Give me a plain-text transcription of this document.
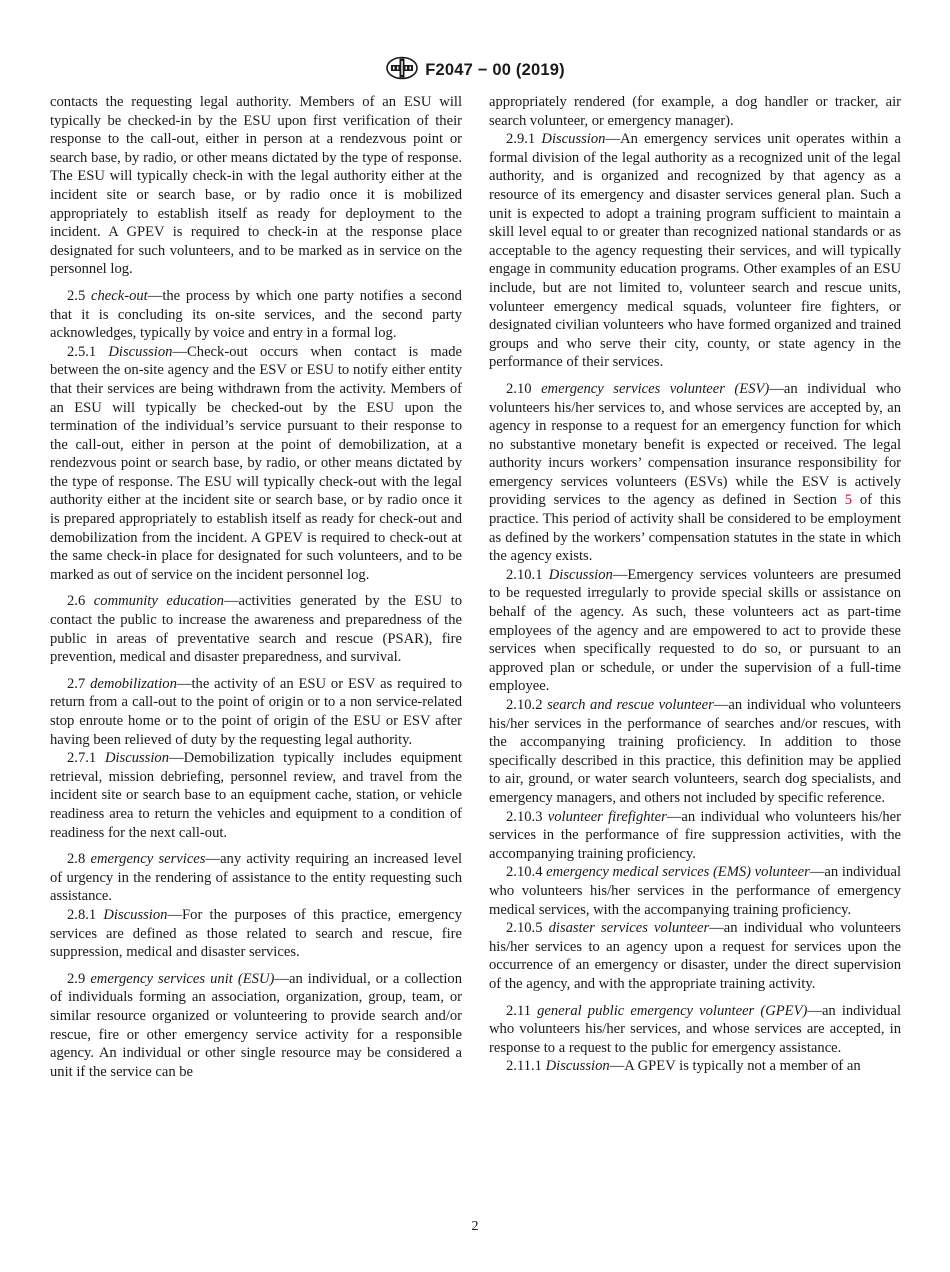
F2047 − 00 (2019)

contacts the requesting legal authority. Members of an ESU will typically be checked-in by the ESU upon first verification of their response to the call-out, either in person at a rendezvous point or search base, by radio, or other means dictated by the type of response. The ESU will typically check-in with the legal authority either at the incident site or search base, or by radio once it is mobilized appropriately to establish itself as ready for deployment to the incident. A GPEV is required to check-in at the response place designated for such volunteers, and to be marked as in service on the personnel log.

2.5 check-out—the process by which one party notifies a second that it is concluding its on-site services, and the second party acknowledges, typically by voice and entry in a formal log.

2.5.1 Discussion—Check-out occurs when contact is made between the on-site agency and the ESV or ESU to notify either entity that their services are being withdrawn from the activity. Members of an ESU will typically be checked-out by the ESU upon the termination of the individual’s service pursuant to their response to the call-out, either in person at the point of demobilization, at a rendezvous point or search base, by radio, or other means dictated by the type of response. The ESU will typically check-out with the legal authority either at the incident site or search base, or by radio once it is prepared appropriately to establish itself as ready for check-out and demobilization from the incident. A GPEV is required to check-out at the same check-in place for designated for such volunteers, and to be marked as out of service on the incident personnel log.

2.6 community education—activities generated by the ESU to contact the public to increase the awareness and preparedness of the public in areas of preventative search and rescue (PSAR), fire prevention, medical and disaster preparedness, and survival.

2.7 demobilization—the activity of an ESU or ESV as required to return from a call-out to the point of origin or to a non service-related stop enroute home or to the point of origin of the ESU or ESV after having been relieved of duty by the requesting legal authority.

2.7.1 Discussion—Demobilization typically includes equipment retrieval, mission debriefing, personnel review, and travel from the incident site or search base to an equipment cache, station, or vehicle readiness area to return the vehicles and equipment to a condition of readiness for the next call-out.

2.8 emergency services—any activity requiring an increased level of urgency in the rendering of assistance to the entity requesting such assistance.

2.8.1 Discussion—For the purposes of this practice, emergency services are defined as those related to search and rescue, fire suppression, medical and disaster services.

2.9 emergency services unit (ESU)—an individual, or a collection of individuals forming an association, organization, group, team, or similar resource organized or volunteering to provide search and/or rescue, fire or other emergency service activity for a responsible agency. An individual or other single resource may be considered a unit if the service can be

appropriately rendered (for example, a dog handler or tracker, air search volunteer, or emergency manager).

2.9.1 Discussion—An emergency services unit operates within a formal division of the legal authority as a recognized unit of the legal authority, and is organized and recognized by that agency as a resource of its emergency and disaster services general plan. Such a unit is expected to adopt a training program sufficient to maintain a skill level equal to or greater than recognized national standards or as acceptable to the agency requesting their services, and will typically engage in community education programs. Other examples of an ESU include, but are not limited to, volunteer search and rescue units, volunteer emergency medical squads, volunteer fire fighters, or designated civilian volunteers who have formed organized and trained groups and who serve their city, county, or state agency in the performance of their services.

2.10 emergency services volunteer (ESV)—an individual who volunteers his/her services to, and whose services are accepted by, an agency in response to a request for an emergency function for which no substantive monetary benefit is expected or received. The legal authority incurs workers’ compensation insurance responsibility for emergency services volunteers (ESVs) while the ESV is actively providing services to the agency as defined in Section 5 of this practice. This period of activity shall be considered to be employment as defined by the workers’ compensation statutes in the state in which the agency exists.

2.10.1 Discussion—Emergency services volunteers are presumed to be requested irregularly to provide special skills or assistance on behalf of the agency. As such, these volunteers act as part-time employees of the agency and are empowered to act to provide these services when specifically requested to do so, or pursuant to an approved plan or schedule, or under the supervision of a full-time employee.

2.10.2 search and rescue volunteer—an individual who volunteers his/her services in the performance of searches and/or rescues, with the accompanying training proficiency. In addition to those specifically described in this practice, this definition may be applied to air, ground, or water search volunteers, search dog specialists, and emergency managers, and others not included by specific reference.

2.10.3 volunteer firefighter—an individual who volunteers his/her services in the performance of fire suppression activities, with the accompanying training proficiency.

2.10.4 emergency medical services (EMS) volunteer—an individual who volunteers his/her services in the performance of emergency medical services, with the accompanying training proficiency.

2.10.5 disaster services volunteer—an individual who volunteers his/her services to an agency upon a request for services upon the occurrence of an emergency or disaster, under the direct supervision of the agency, and with the appropriate training activity.

2.11 general public emergency volunteer (GPEV)—an individual who volunteers his/her services, and whose services are accepted, in response to a request to the public for emergency assistance.

2.11.1 Discussion—A GPEV is typically not a member of an

2
